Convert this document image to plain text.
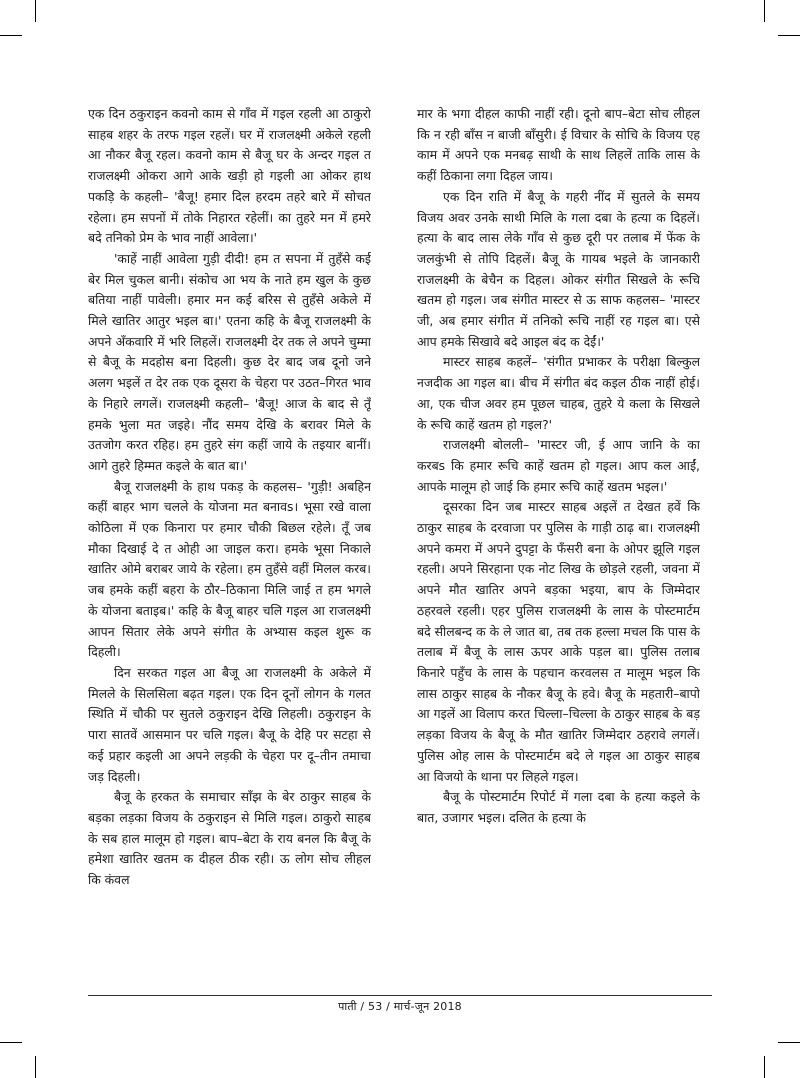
एक दिन ठकुराइन कवनो काम से गाँव में गइल रहली आ ठाकुरो साहब शहर के तरफ गइल रहलें। घर में राजलक्ष्मी अकेले रहली आ नौकर बैजू रहल। कवनो काम से बैजू घर के अन्दर गइल त राजलक्ष्मी ओकरा आगे आके खड़ी हो गइली आ ओकर हाथ पकड़ि के कहली– 'बैजू! हमार दिल हरदम तहरे बारे में सोचत रहेला। हम सपनों में तोके निहारत रहेलीं। का तुहरे मन में हमरे बदे तनिको प्रेम के भाव नाहीं आवेला।'

'काहें नाहीं आवेला गुड़ी दीदी! हम त सपना में तुहँसे कई बेर मिल चुकल बानी। संकोच आ भय के नाते हम खुल के कुछ बतिया नाहीं पावेली। हमार मन कई बरिस से तुहँसे अकेले में मिले खातिर आतुर भइल बा।' एतना कहि के बैजू राजलक्ष्मी के अपने अँकवारि में भरि लिहलें। राजलक्ष्मी देर तक ले अपने चुम्मा से बैजू के मदहोस बना दिहली। कुछ देर बाद जब दूनो जने अलग भइलें त देर तक एक दूसरा के चेहरा पर उठत–गिरत भाव के निहारे लगलें। राजलक्ष्मी कहली– 'बैजू! आज के बाद से तूँ हमके भुला मत जइहे। नौंद समय देखि के बरावर मिले के उतजोग करत रहिह। हम तुहरे संग कहीं जाये के तइयार बानीं। आगे तुहरे हिम्मत कइले के बात बा।'

बैजू राजलक्ष्मी के हाथ पकड़ के कहलस– 'गुड़ी! अबहिन कहीं बाहर भाग चलले के योजना मत बनावs। भूसा रखे वाला कोठिला में एक किनारा पर हमार चौकी बिछल रहेले। तूँ जब मौका दिखाई दे त ओही आ जाइल करा। हमके भूसा निकाले खातिर ओमे बराबर जाये के रहेला। हम तुहँसे वहीं मिलल करब। जब हमके कहीं बहरा के ठौर–ठिकाना मिलि जाई त हम भगले के योजना बताइब।' कहि के बैजू बाहर चलि गइल आ राजलक्ष्मी आपन सितार लेके अपने संगीत के अभ्यास कइल शुरू क दिहली।

दिन सरकत गइल आ बैजू आ राजलक्ष्मी के अकेले में मिलले के सिलसिला बढ़त गइल। एक दिन दूनों लोगन के गलत स्थिति में चौकी पर सुतले ठकुराइन देखि लिहली। ठकुराइन के पारा सातवें आसमान पर चलि गइल। बैजू के देहि पर सटहा से कई प्रहार कइली आ अपने लड़की के चेहरा पर दू–तीन तमाचा जड़ दिहली।

बैजू के हरकत के समाचार साँझ के बेर ठाकुर साहब के बड़का लड़का विजय के ठकुराइन से मिलि गइल। ठाकुरो साहब के सब हाल मालूम हो गइल। बाप–बेटा के राय बनल कि बैजू के हमेशा खातिर खतम क दीहल ठीक रही। ऊ लोग सोच लीहल कि कंवल

मार के भगा दीहल काफी नाहीं रही। दूनो बाप–बेटा सोच लीहल कि न रही बाँस न बाजी बाँसुरी। ई विचार के सोचि के विजय एह काम में अपने एक मनबढ़ साथी के साथ लिहलें ताकि लास के कहीं ठिकाना लगा दिहल जाय।

एक दिन राति में बैजू के गहरी नींद में सुतले के समय विजय अवर उनके साथी मिलि के गला दबा के हत्या क दिहलें। हत्या के बाद लास लेके गाँव से कुछ दूरी पर तलाब में फेंक के जलकुंभी से तोपि दिहलें। बैजू के गायब भइले के जानकारी राजलक्ष्मी के बेचैन क दिहल। ओकर संगीत सिखले के रूचि खतम हो गइल। जब संगीत मास्टर से ऊ साफ कहलस– 'मास्टर जी, अब हमार संगीत में तनिको रूचि नाहीं रह गइल बा। एसे आप हमके सिखावे बदे आइल बंद क देईं।'

मास्टर साहब कहलें– 'संगीत प्रभाकर के परीक्षा बिल्कुल नजदीक आ गइल बा। बीच में संगीत बंद कइल ठीक नाहीं होई। आ, एक चीज अवर हम पूछल चाहब, तुहरे ये कला के सिखले के रूचि काहें खतम हो गइल?'

राजलक्ष्मी बोलली– 'मास्टर जी, ई आप जानि के का करबs कि हमार रूचि काहें खतम हो गइल। आप कल आईं, आपके मालूम हो जाई कि हमार रूचि काहें खतम भइल।'

दूसरका दिन जब मास्टर साहब अइलें त देखत हवें कि ठाकुर साहब के दरवाजा पर पुलिस के गाड़ी ठाढ़ बा। राजलक्ष्मी अपने कमरा में अपने दुपट्टा के फँसरी बना के ओपर झूलि गइल रहली। अपने सिरहाना एक नोट लिख के छोड़ले रहली, जवना में अपने मौत खातिर अपने बड़का भइया, बाप के जिम्मेदार ठहरवले रहली। एहर पुलिस राजलक्ष्मी के लास के पोस्टमार्टम बदे सीलबन्द क के ले जात बा, तब तक हल्ला मचल कि पास के तलाब में बैजू के लास ऊपर आके पड़ल बा। पुलिस तलाब किनारे पहुँच के लास के पहचान करवलस त मालूम भइल कि लास ठाकुर साहब के नौकर बैजू के हवे। बैजू के महतारी–बापो आ गइलें आ विलाप करत चिल्ला–चिल्ला के ठाकुर साहब के बड़ लड़का विजय के बैजू के मौत खातिर जिम्मेदार ठहरावे लगलें। पुलिस ओह लास के पोस्टमार्टम बदे ले गइल आ ठाकुर साहब आ विजयो के थाना पर लिहले गइल।

बैजू के पोस्टमार्टम रिपोर्ट में गला दबा के हत्या कइले के बात, उजागर भइल। दलित के हत्या के

पाती / 53 / मार्च-जून 2018
